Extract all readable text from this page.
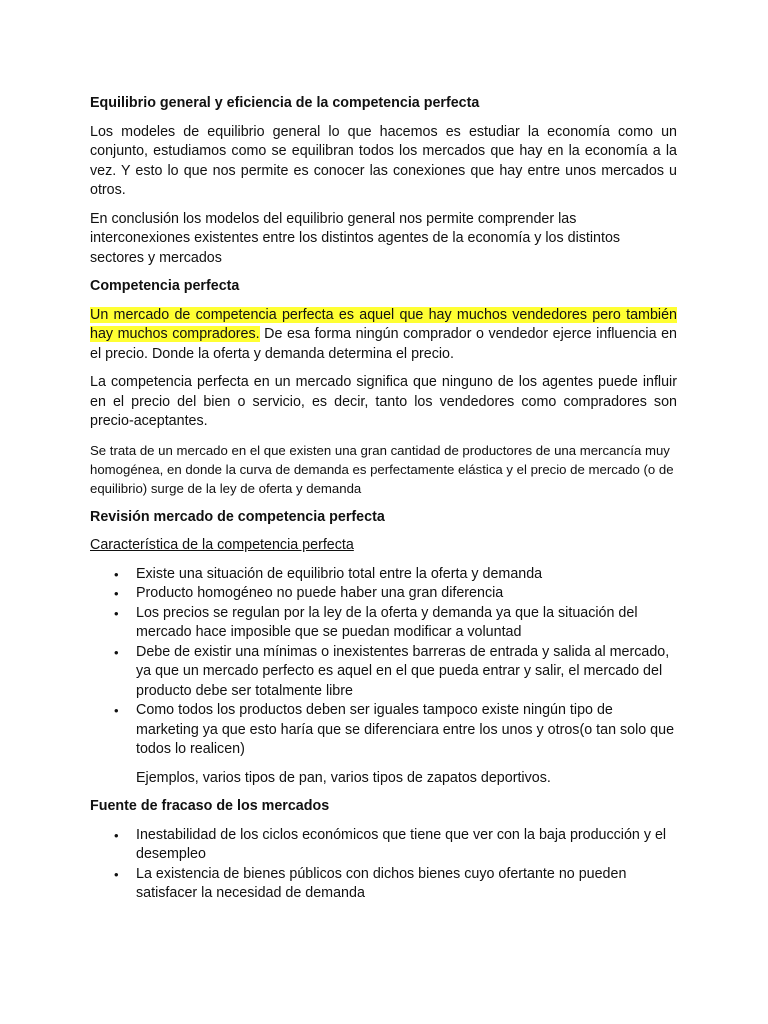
Equilibrio general y eficiencia de la competencia perfecta

Los modeles de equilibrio general lo que hacemos es estudiar la economía como un conjunto, estudiamos como se equilibran todos los mercados que hay en la economía a la vez. Y esto lo que nos permite es conocer las conexiones que hay entre unos mercados u otros.

En conclusión los modelos del equilibrio general nos permite comprender las interconexiones existentes entre los distintos agentes de la economía y los distintos sectores y mercados

Competencia perfecta

Un mercado de competencia perfecta es aquel que hay muchos vendedores pero también hay muchos compradores. De esa forma ningún comprador o vendedor ejerce influencia en el precio. Donde la oferta y demanda determina el precio.

La competencia perfecta en un mercado significa que ninguno de los agentes puede influir en el precio del bien o servicio, es decir, tanto los vendedores como compradores son precio-aceptantes.

Se trata de un mercado en el que existen una gran cantidad de productores de una mercancía muy homogénea, en donde la curva de demanda es perfectamente elástica y el precio de mercado (o de equilibrio) surge de la ley de oferta y demanda

Revisión mercado de competencia perfecta

Característica de la competencia perfecta

• Existe una situación de equilibrio total entre la oferta y demanda
• Producto homogéneo no puede haber una gran diferencia
• Los precios se regulan por la ley de la oferta y demanda ya que la situación del mercado hace imposible que se puedan modificar a voluntad
• Debe de existir una mínimas o inexistentes barreras de entrada y salida al mercado, ya que un mercado perfecto es aquel en el que pueda entrar y salir, el mercado del producto debe ser totalmente libre
• Como todos los productos deben ser iguales tampoco existe ningún tipo de marketing ya que esto haría que se diferenciara entre los unos y otros(o tan solo que todos lo realicen)

Ejemplos, varios tipos de pan, varios tipos de zapatos deportivos.

Fuente de fracaso de los mercados
• Inestabilidad de los ciclos económicos que tiene que ver con la baja producción y el desempleo
• La existencia de bienes públicos con dichos bienes cuyo ofertante no pueden satisfacer la necesidad de demanda
